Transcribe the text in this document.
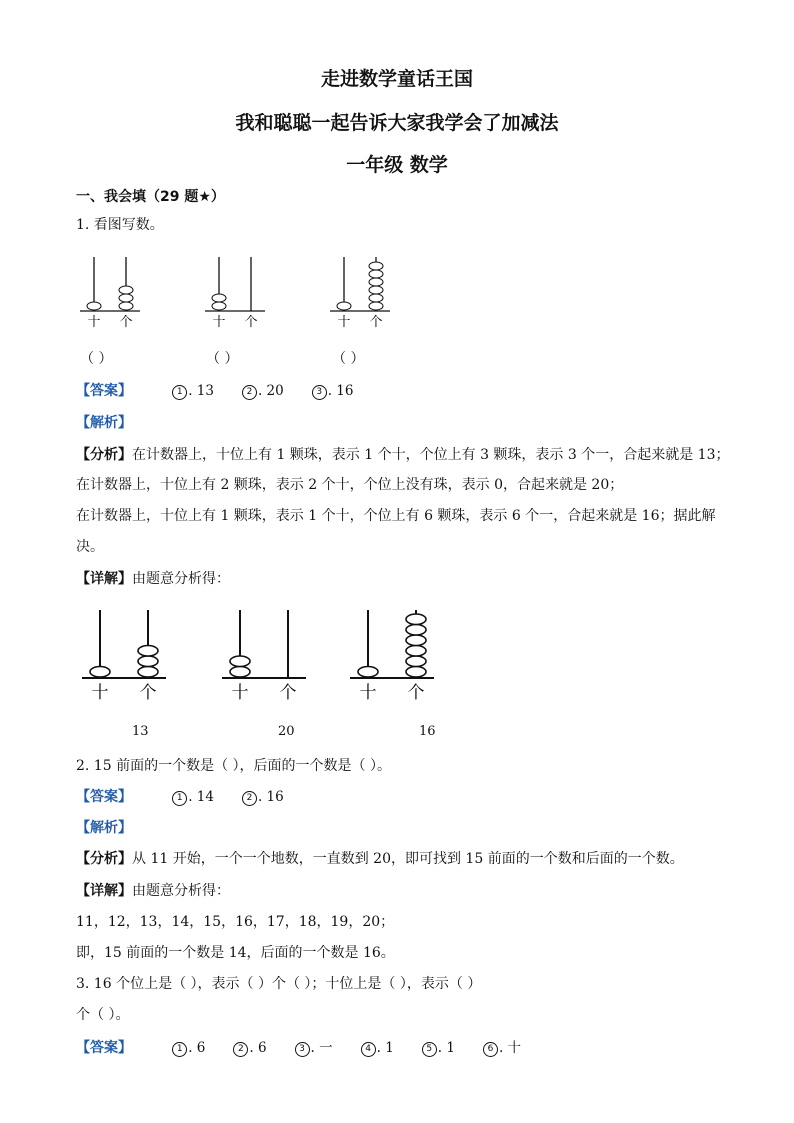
走进数学童话王国
我和聪聪一起告诉大家我学会了加减法
一年级 数学
一、我会填（29 题★）
1. 看图写数。
十 个	十 个	十 个
（ ）	（ ）	（ ）
【答案】	1 . 13	2 . 20	3 . 16
【解析】
【分析】在计数器上，十位上有 1 颗珠，表示 1 个十，个位上有 3 颗珠，表示 3 个一，合起来就是 13；
在计数器上，十位上有 2 颗珠，表示 2 个十，个位上没有珠，表示 0，合起来就是 20；
在计数器上，十位上有 1 颗珠，表示 1 个十，个位上有 6 颗珠，表示 6 个一，合起来就是 16；据此解
决。
【详解】由题意分析得：
十 个	十 个	十 个
13	20	16
2. 15 前面的一个数是（ ），后面的一个数是（ ）。
【答案】	1 . 14	2 . 16
【解析】
【分析】从 11 开始，一个一个地数，一直数到 20，即可找到 15 前面的一个数和后面的一个数。
【详解】由题意分析得：
11，12，13，14，15，16，17，18，19，20；
即，15 前面的一个数是 14，后面的一个数是 16。
3. 16 个位上是（ ），表示（ ）个（ ）；十位上是（ ），表示（ ）
个（ ）。
【答案】	1 . 6	2 . 6	3 . 一	4 . 1	5 . 1	6 . 十
